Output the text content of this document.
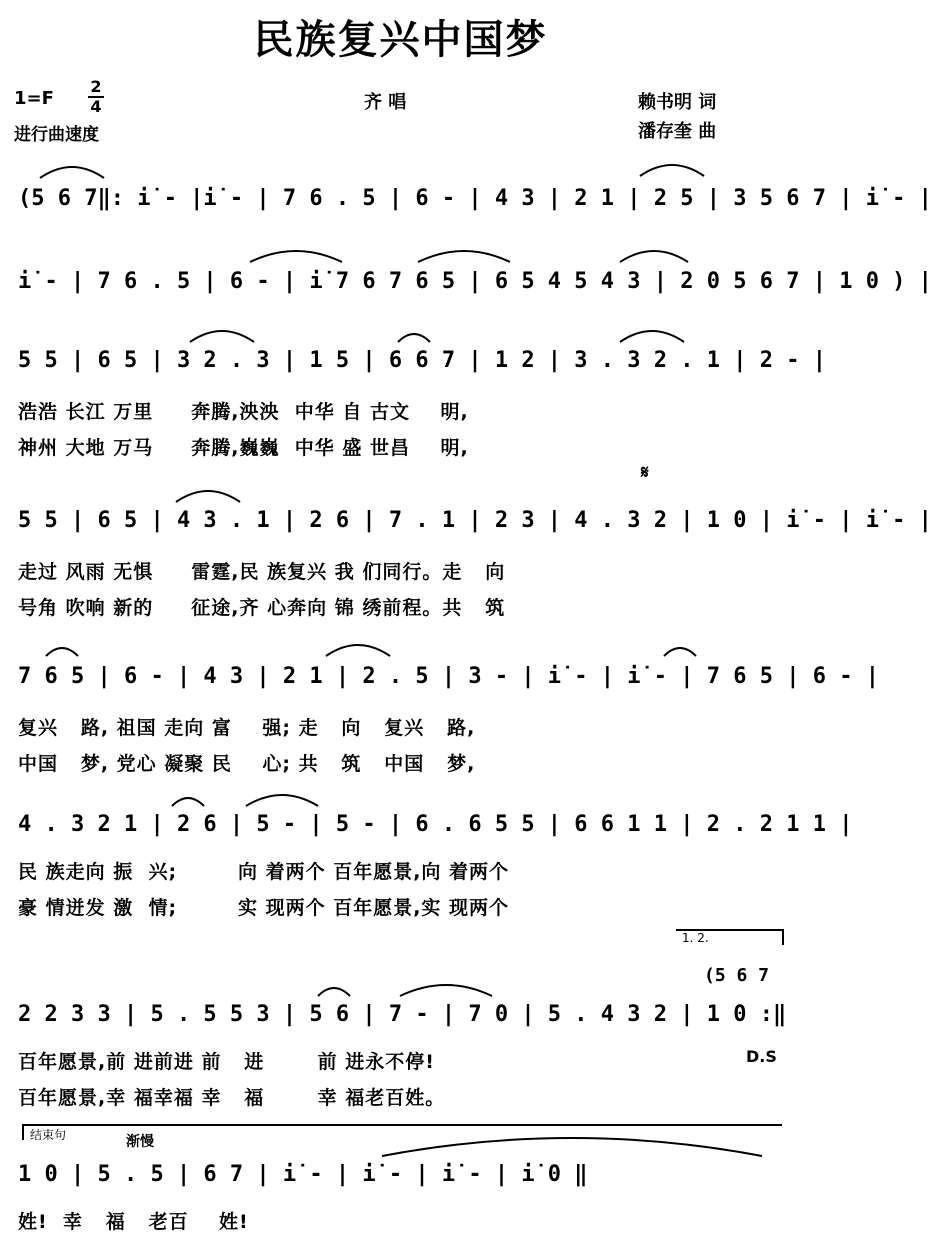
民族复兴中国梦
1=F
2
4
进行曲速度
齐 唱	赖书明 词
潘存奎 曲
(5 6 7‖: i̇ - |i̇ - | 7 6 . 5 | 6 - | 4 3 | 2 1 | 2 5 | 3 5 6 7 | i̇ - |
i̇ - | 7 6 . 5 | 6 - | i̇ 7 6 7 6 5 | 6 5 4 5 4 3 | 2 0 5 6 7 | 1 0 ) |
5 5 | 6 5 | 3 2 . 3 | 1 5 | 6 6 7 | 1 2 | 3 . 3 2 . 1 | 2 - |
浩浩 长江 万里     奔腾,泱泱  中华 自 古文    明,
神州 大地 万马     奔腾,巍巍  中华 盛 世昌    明,
𝄋
5 5 | 6 5 | 4 3 . 1 | 2 6 | 7 . 1 | 2 3 | 4 . 3 2 | 1 0 | i̇ - | i̇ - |
走过 风雨 无惧     雷霆,民 族复兴 我 们同行。走   向
号角 吹响 新的     征途,齐 心奔向 锦 绣前程。共   筑
7 6 5 | 6 - | 4 3 | 2 1 | 2 . 5 | 3 - | i̇ - | i̇ - | 7 6 5 | 6 - |
复兴   路, 祖国 走向 富    强; 走   向   复兴   路,
中国   梦, 党心 凝聚 民    心; 共   筑   中国   梦,
4 . 3 2 1 | 2 6 | 5 - | 5 - | 6 . 6 5 5 | 6 6 1 1 | 2 . 2 1 1 |
民 族走向 振  兴;        向 着两个 百年愿景,向 着两个
豪 情迸发 激  情;        实 现两个 百年愿景,实 现两个
1. 2.
(5 6 7
2 2 3 3 | 5 . 5 5 3 | 5 6 | 7 - | 7 0 | 5 . 4 3 2 | 1 0 :‖
百年愿景,前 进前进 前   进       前 进永不停!	D.S
百年愿景,幸 福幸福 幸   福       幸 福老百姓。
结束句	渐慢
1 0 | 5 . 5 | 6 7 | i̇ - | i̇ - | i̇ - | i̇ 0 ‖
姓!  幸   福   老百    姓!
